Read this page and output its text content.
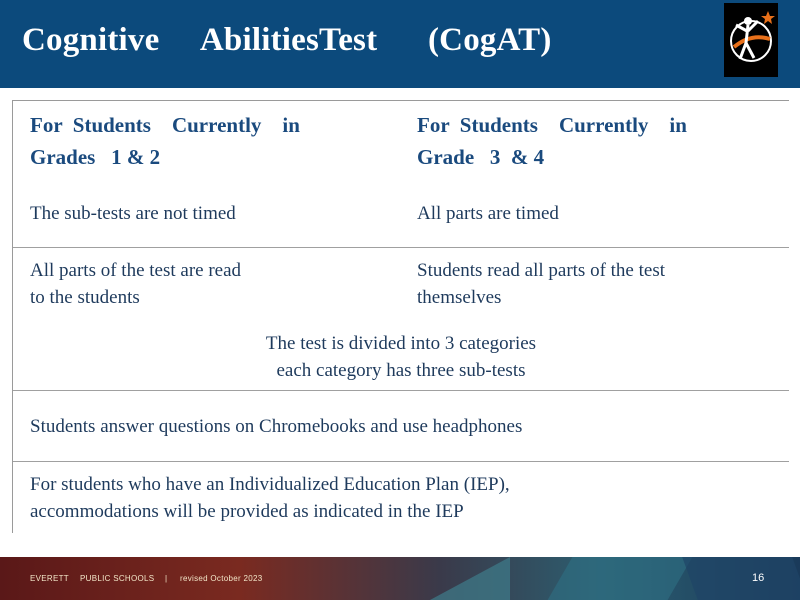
Cognitive     AbilitiesTest      (CogAT)
For  Students    Currently    in
Grades   1 & 2
For  Students    Currently    in
Grade   3  & 4
The sub-tests are not timed	All parts are timed
All parts of the test are read
to the students
Students read all parts of the test
themselves
The test is divided into 3 categories
each category has three sub-tests
Students answer questions on Chromebooks and use headphones
For students who have an Individualized Education Plan (IEP),
accommodations will be provided as indicated in the IEP
EVERETT PUBLIC SCHOOLS | revised October 2023	16
